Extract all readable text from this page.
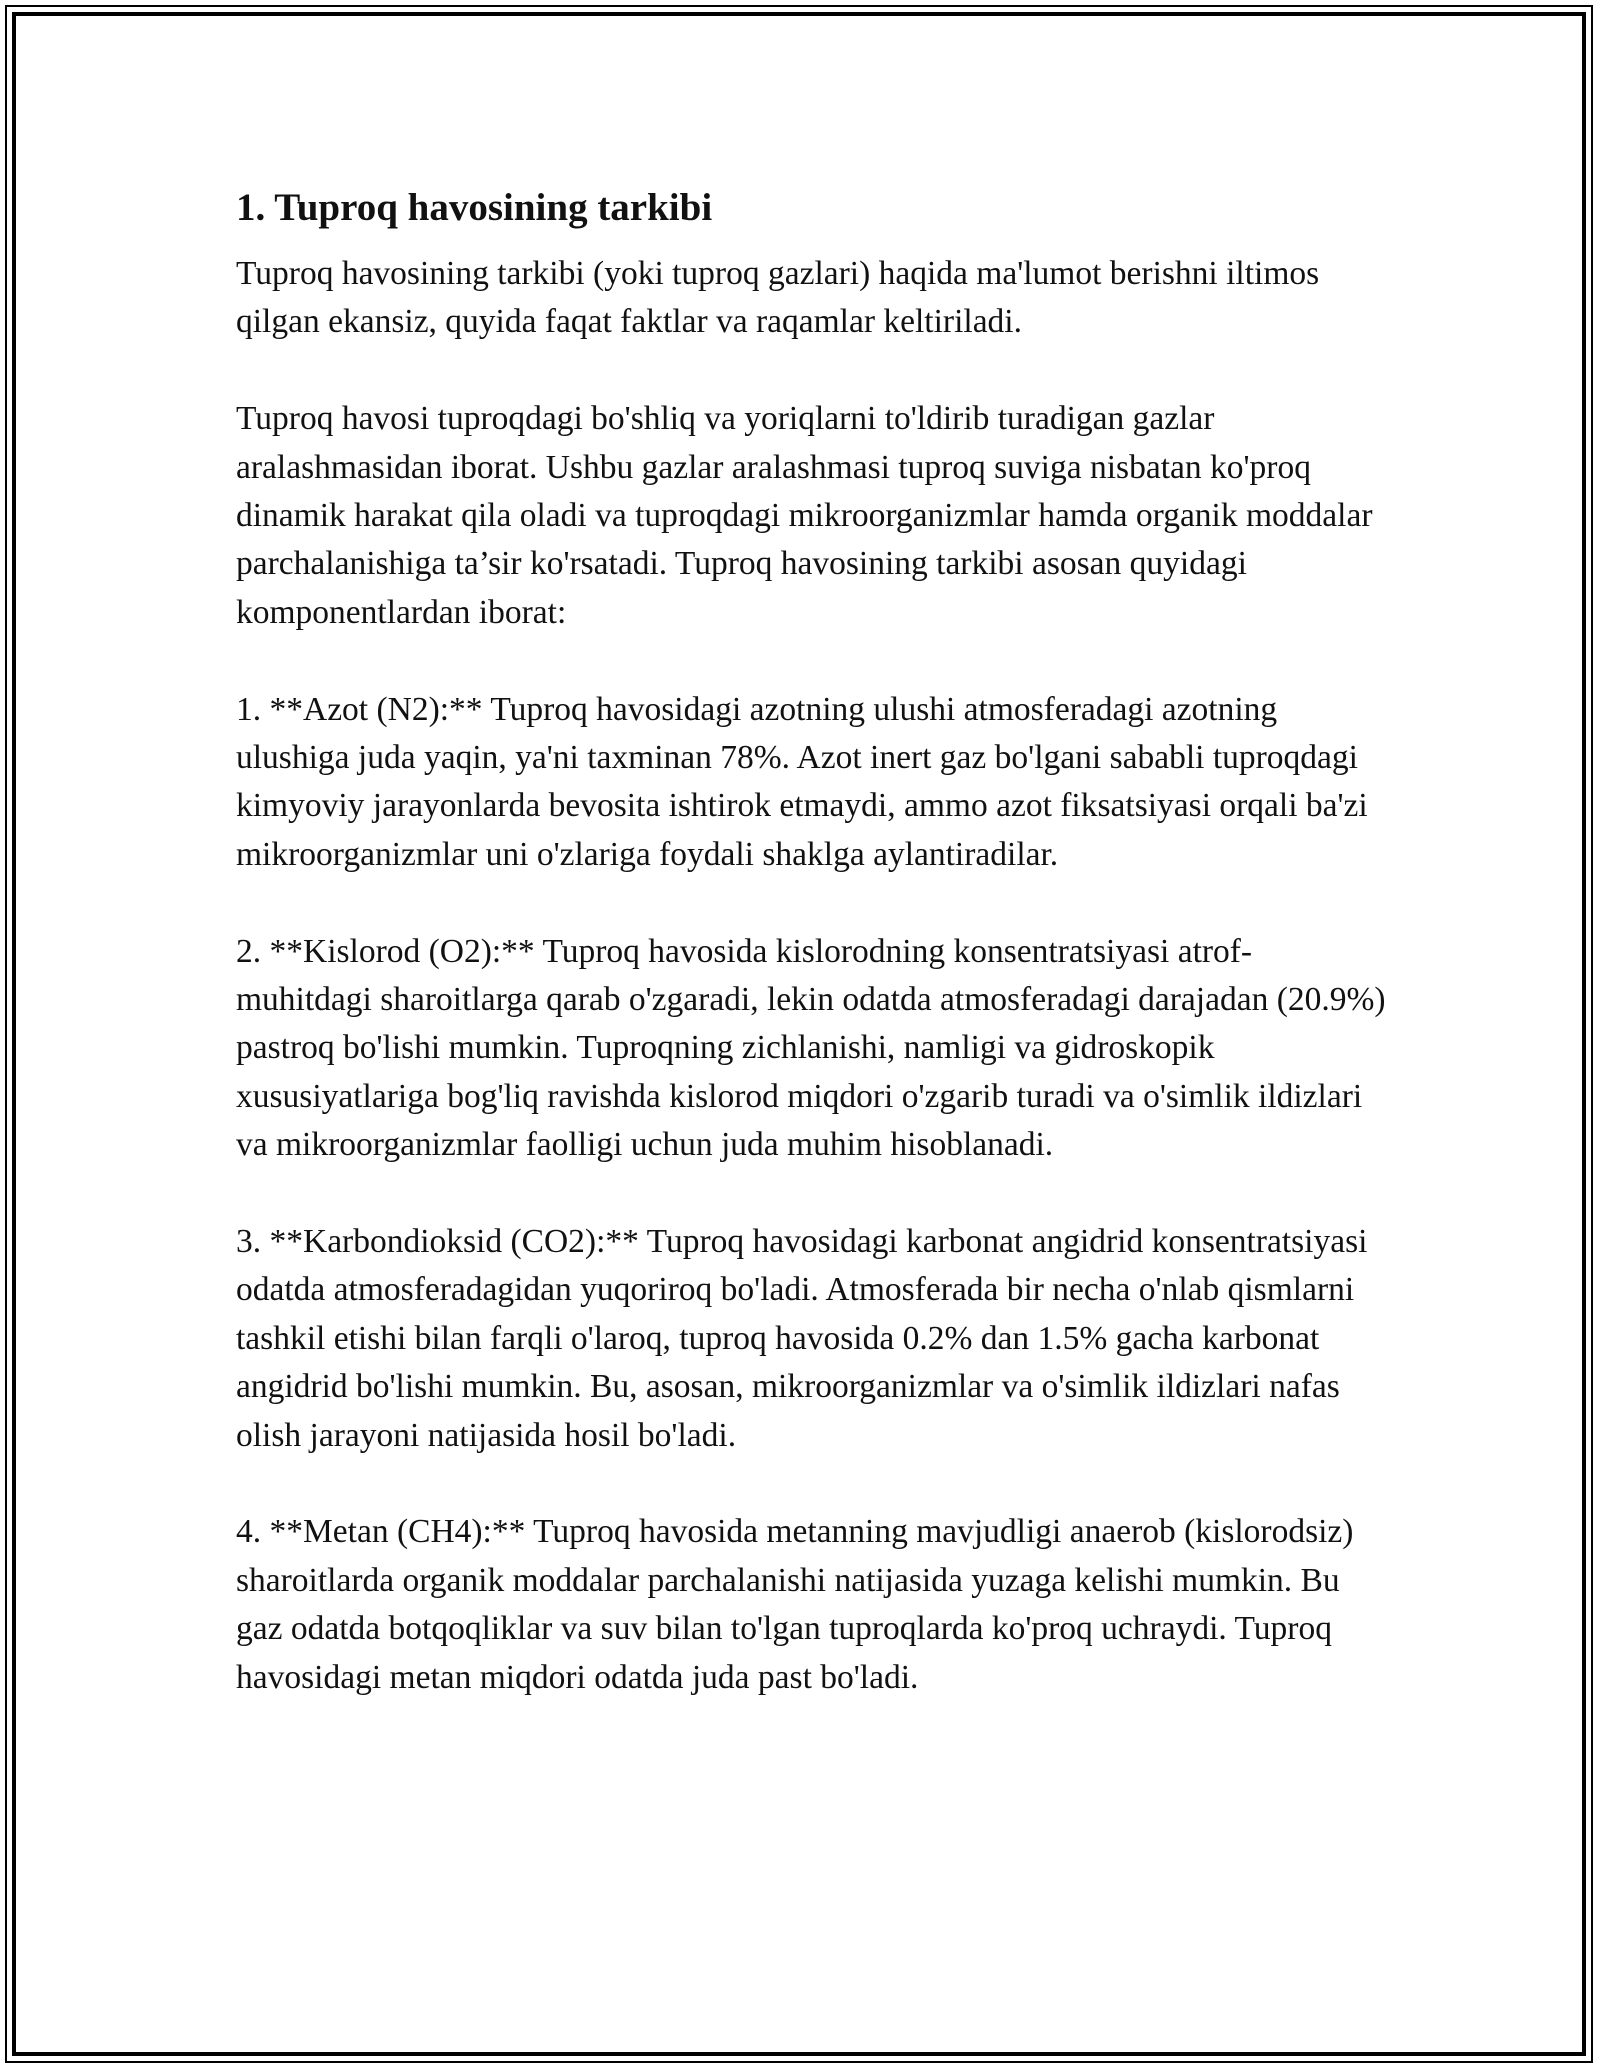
1. Tuproq havosining tarkibi

Tuproq havosining tarkibi (yoki tuproq gazlari) haqida ma'lumot berishni iltimos qilgan ekansiz, quyida faqat faktlar va raqamlar keltiriladi.

Tuproq havosi tuproqdagi bo'shliq va yoriqlarni to'ldirib turadigan gazlar aralashmasidan iborat. Ushbu gazlar aralashmasi tuproq suviga nisbatan ko'proq dinamik harakat qila oladi va tuproqdagi mikroorganizmlar hamda organik moddalar parchalanishiga ta’sir ko'rsatadi. Tuproq havosining tarkibi asosan quyidagi komponentlardan iborat:

1. **Azot (N2):** Tuproq havosidagi azotning ulushi atmosferadagi azotning ulushiga juda yaqin, ya'ni taxminan 78%. Azot inert gaz bo'lgani sababli tuproqdagi kimyoviy jarayonlarda bevosita ishtirok etmaydi, ammo azot fiksatsiyasi orqali ba'zi mikroorganizmlar uni o'zlariga foydali shaklga aylantiradilar.

2. **Kislorod (O2):** Tuproq havosida kislorodning konsentratsiyasi atrof-muhitdagi sharoitlarga qarab o'zgaradi, lekin odatda atmosferadagi darajadan (20.9%) pastroq bo'lishi mumkin. Tuproqning zichlanishi, namligi va gidroskopik xususiyatlariga bog'liq ravishda kislorod miqdori o'zgarib turadi va o'simlik ildizlari va mikroorganizmlar faolligi uchun juda muhim hisoblanadi.

3. **Karbondioksid (CO2):** Tuproq havosidagi karbonat angidrid konsentratsiyasi odatda atmosferadagidan yuqoriroq bo'ladi. Atmosferada bir necha o'nlab qismlarni tashkil etishi bilan farqli o'laroq, tuproq havosida 0.2% dan 1.5% gacha karbonat angidrid bo'lishi mumkin. Bu, asosan, mikroorganizmlar va o'simlik ildizlari nafas olish jarayoni natijasida hosil bo'ladi.

4. **Metan (CH4):** Tuproq havosida metanning mavjudligi anaerob (kislorodsiz) sharoitlarda organik moddalar parchalanishi natijasida yuzaga kelishi mumkin. Bu gaz odatda botqoqliklar va suv bilan to'lgan tuproqlarda ko'proq uchraydi. Tuproq havosidagi metan miqdori odatda juda past bo'ladi.
